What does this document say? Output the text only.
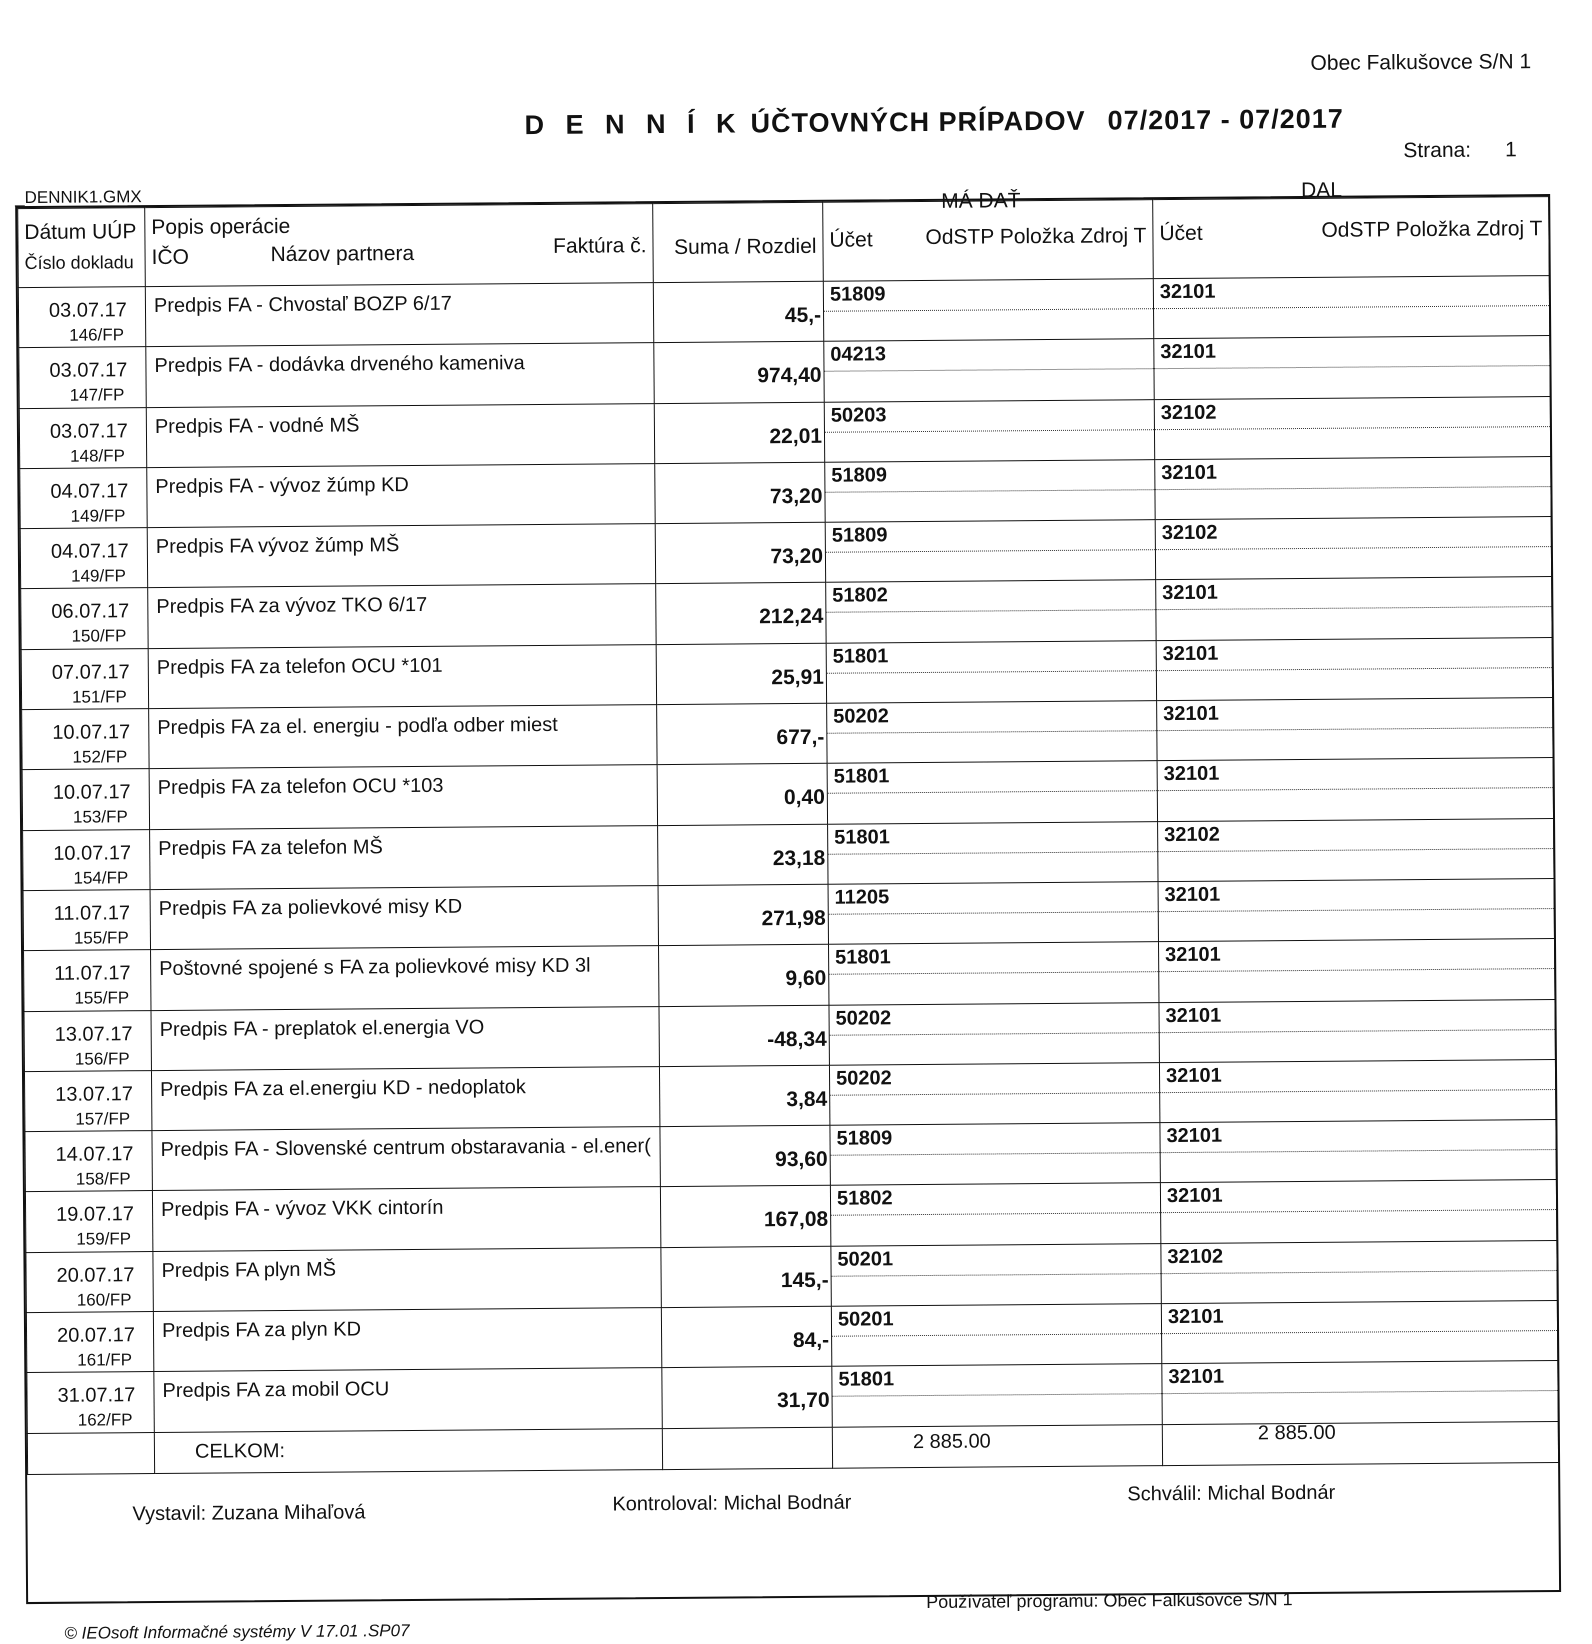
Obec Falkušovce S/N 1
D E N N Í K ÚČTOVNÝCH PRÍPADOV 07/2017 - 07/2017
Strana: 1
_DENNIK1.GMX
Dátum UÚP
Číslo dokladu	Popis operácie
IČO Názov partnera Faktúra č.	Suma / Rozdiel	MÁ DAŤ
Účet OdSTP Položka Zdroj T	DAL
Účet OdSTP Položka Zdroj T

03.07.17
146/FP	Predpis FA - Chvostaľ BOZP 6/17	45,-	51809	32101

03.07.17
147/FP	Predpis FA - dodávka drveného kameniva	974,40	04213	32101

03.07.17
148/FP	Predpis FA - vodné MŠ	22,01	50203	32102

04.07.17
149/FP	Predpis FA - vývoz žúmp KD	73,20	51809	32101

04.07.17
149/FP	Predpis FA vývoz žúmp MŠ	73,20	51809	32102

06.07.17
150/FP	Predpis FA za vývoz TKO 6/17	212,24	51802	32101

07.07.17
151/FP	Predpis FA za telefon OCU *101	25,91	51801	32101

10.07.17
152/FP	Predpis FA za el. energiu - podľa odber miest	677,-	50202	32101

10.07.17
153/FP	Predpis FA za telefon OCU *103	0,40	51801	32101

10.07.17
154/FP	Predpis FA za telefon MŠ	23,18	51801	32102

11.07.17
155/FP	Predpis FA za polievkové misy KD	271,98	11205	32101

11.07.17
155/FP	Poštovné spojené s FA za polievkové misy KD 3l	9,60	51801	32101

13.07.17
156/FP	Predpis FA - preplatok el.energia VO	-48,34	50202	32101

13.07.17
157/FP	Predpis FA za el.energiu KD - nedoplatok	3,84	50202	32101

14.07.17
158/FP	Predpis FA - Slovenské centrum obstaravania - el.ener(	93,60	51809	32101

19.07.17
159/FP	Predpis FA - vývoz VKK cintorín	167,08	51802	32101

20.07.17
160/FP	Predpis FA plyn MŠ	145,-	50201	32102

20.07.17
161/FP	Predpis FA za plyn KD	84,-	50201	32101

31.07.17
162/FP	Predpis FA za mobil OCU	31,70	51801	32101

	CELKOM:		2 885.00	2 885.00
Vystavil: Zuzana Mihaľová	Kontroloval: Michal Bodnár	Schválil: Michal Bodnár
Používateľ programu: Obec Falkušovce S/N 1
© IEOsoft Informačné systémy V 17.01 .SP07
